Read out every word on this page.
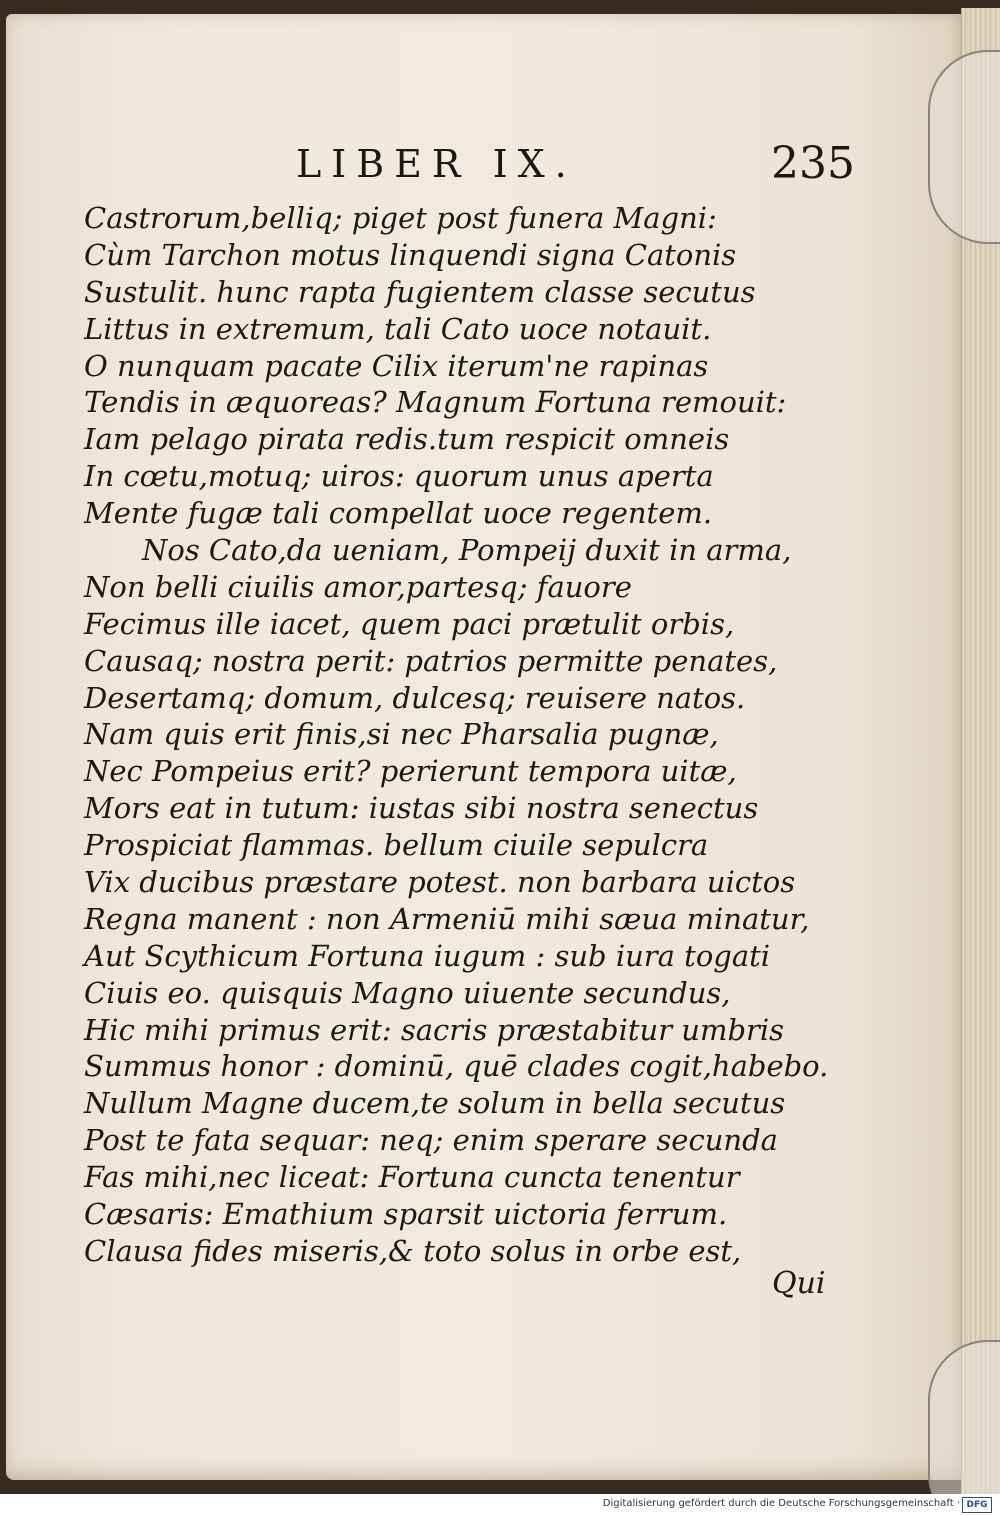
LIBER IX.	235
Castrorum,belliq; piget post funera Magni:
Cùm Tarchon motus linquendi signa Catonis
Sustulit. hunc rapta fugientem classe secutus
Littus in extremum, tali Cato uoce notauit.
O nunquam pacate Cilix iterum'ne rapinas
Tendis in æquoreas? Magnum Fortuna remouit:
Iam pelago pirata redis.tum respicit omneis
In cœtu,motuq; uiros: quorum unus aperta
Mente fugæ tali compellat uoce regentem.
Nos Cato,da ueniam, Pompeij duxit in arma,
Non belli ciuilis amor,partesq; fauore
Fecimus ille iacet, quem paci prætulit orbis,
Causaq; nostra perit: patrios permitte penates,
Desertamq; domum, dulcesq; reuisere natos.
Nam quis erit finis,si nec Pharsalia pugnæ,
Nec Pompeius erit? perierunt tempora uitæ,
Mors eat in tutum: iustas sibi nostra senectus
Prospiciat flammas. bellum ciuile sepulcra
Vix ducibus præstare potest. non barbara uictos
Regna manent : non Armeniū mihi sæua minatur,
Aut Scythicum Fortuna iugum : sub iura togati
Ciuis eo. quisquis Magno uiuente secundus,
Hic mihi primus erit: sacris præstabitur umbris
Summus honor : dominū, quē clades cogit,habebo.
Nullum Magne ducem,te solum in bella secutus
Post te fata sequar: neq; enim sperare secunda
Fas mihi,nec liceat: Fortuna cuncta tenentur
Cæsaris: Emathium sparsit uictoria ferrum.
Clausa fides miseris,& toto solus in orbe est,
Qui
Digitalisierung gefördert durch die Deutsche Forschungsgemeinschaft · DFG
